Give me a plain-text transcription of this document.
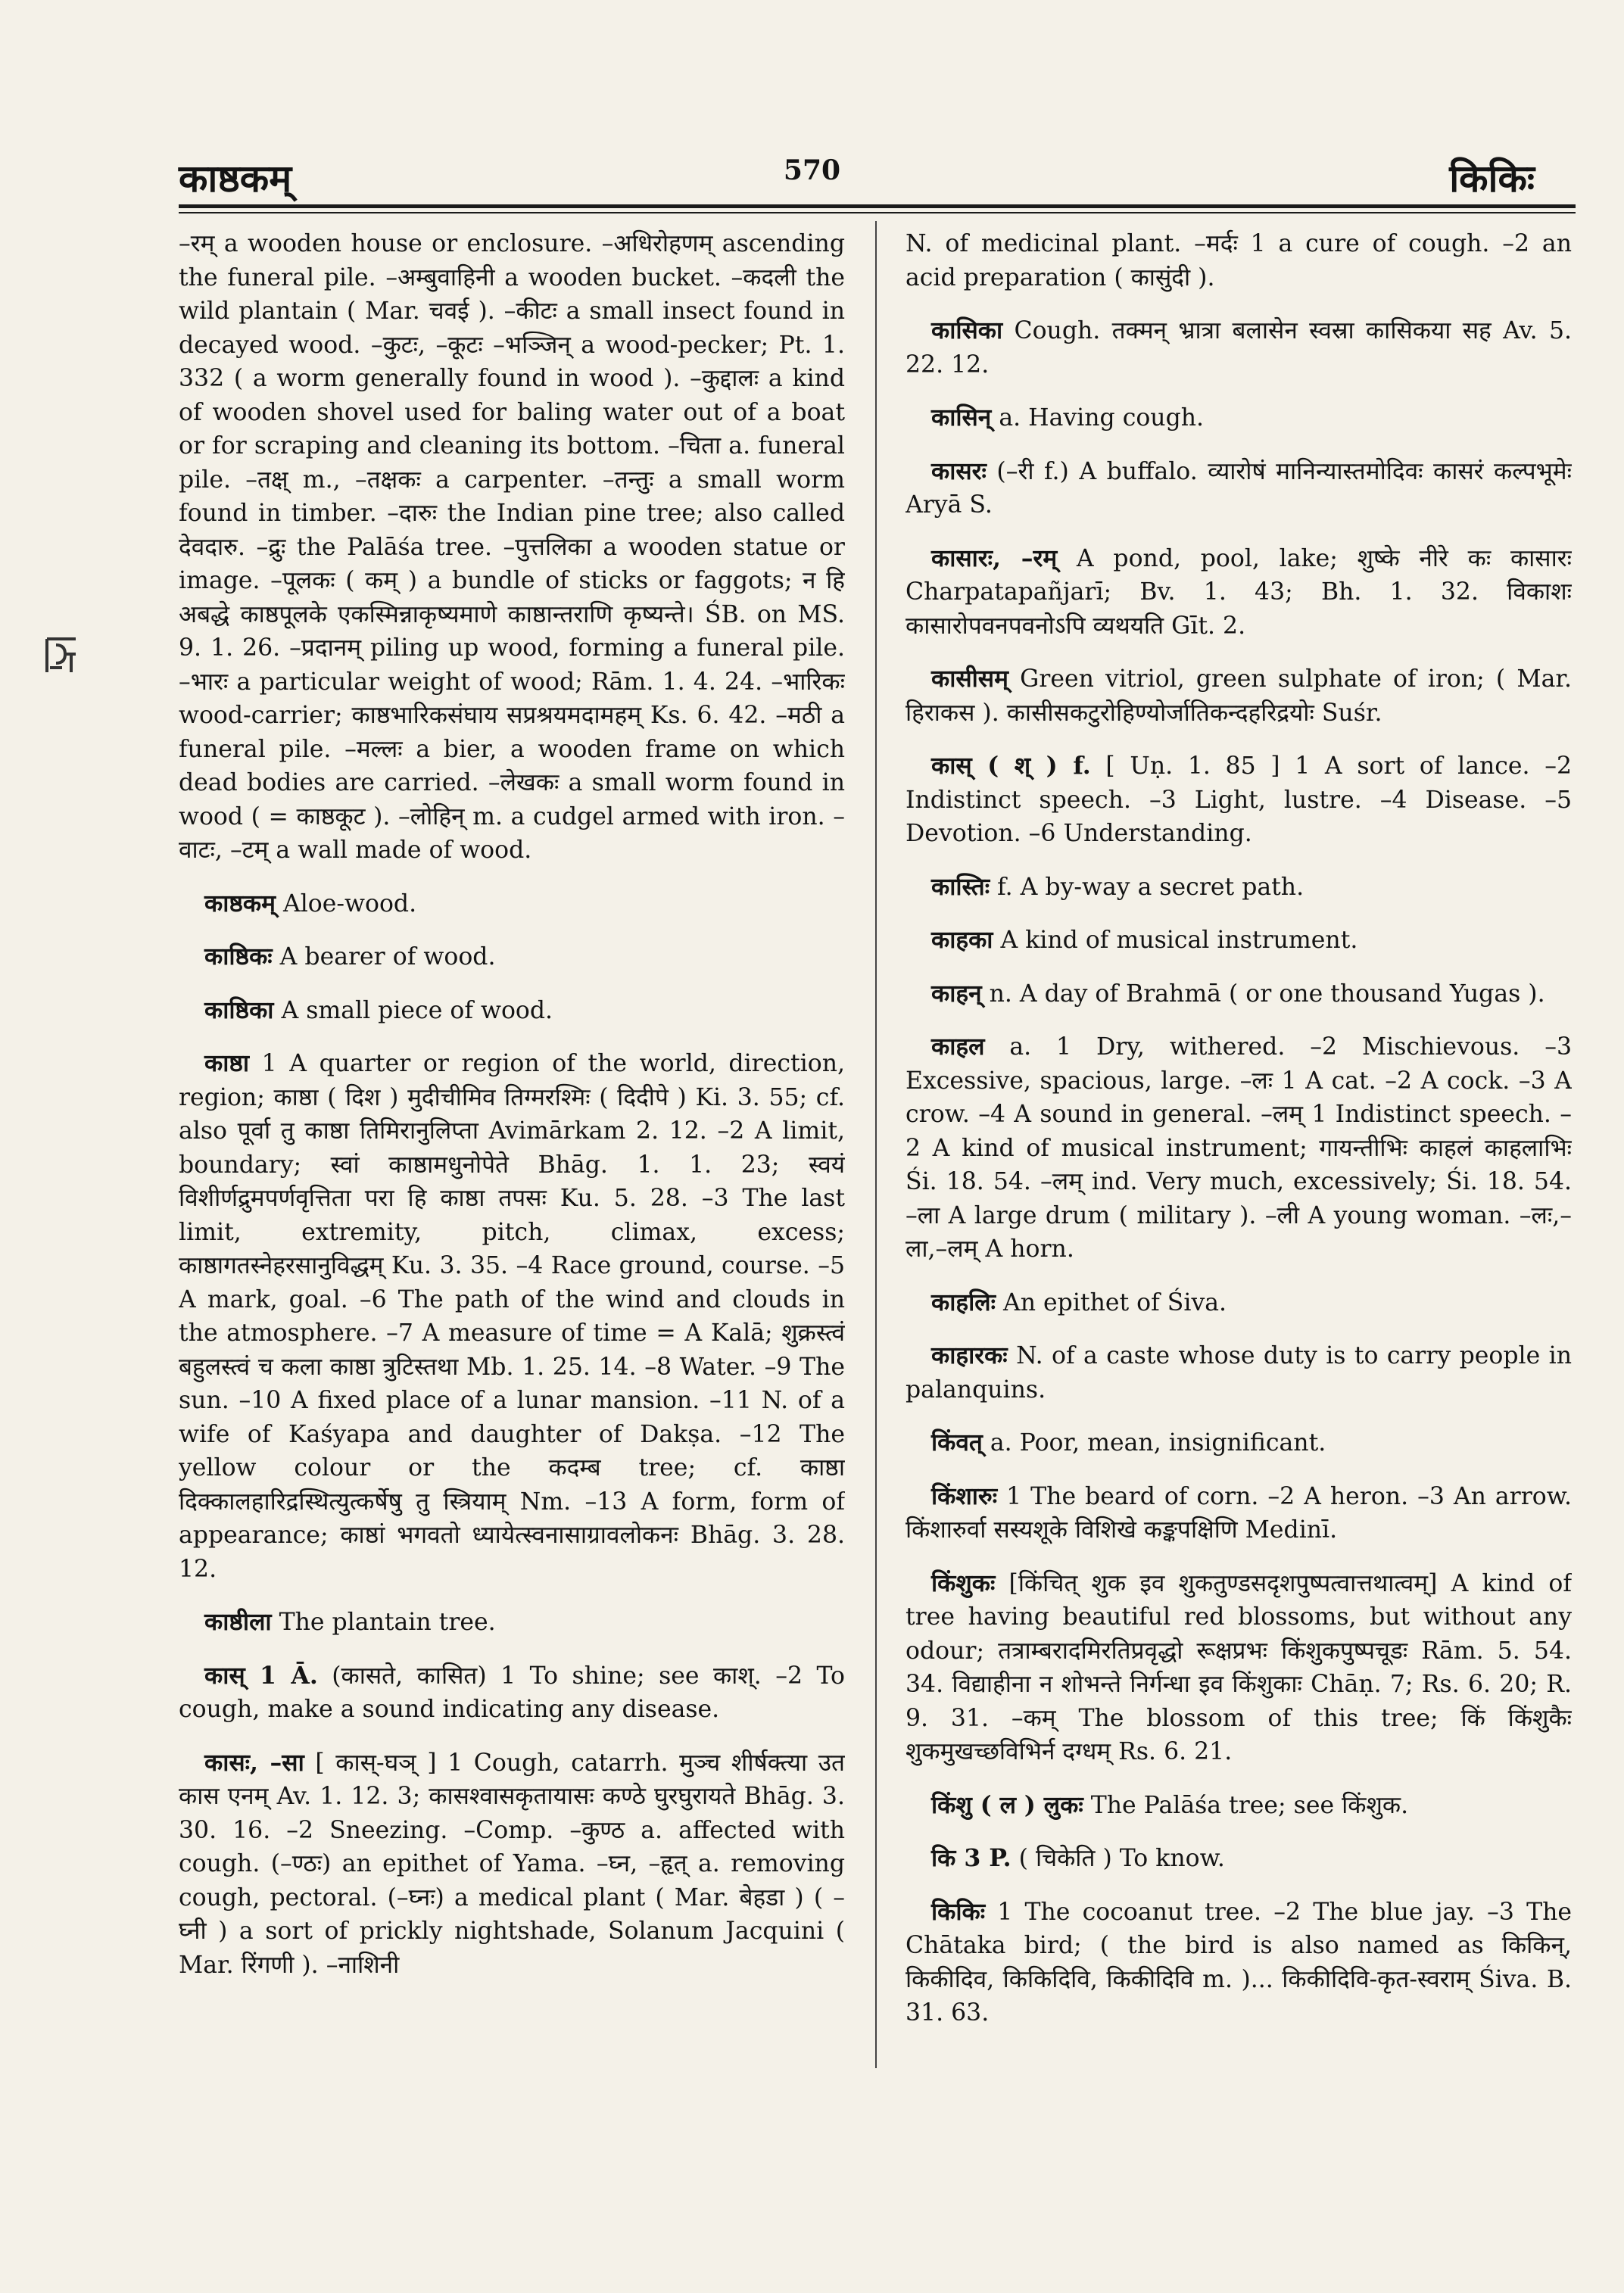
काष्ठकम्	570	किकिः

–रम् a wooden house or enclosure. –अधिरोहणम् ascending the funeral pile. –अम्बुवाहिनी a wooden bucket. –कदली the wild plantain ( Mar. चवई ). –कीटः a small insect found in decayed wood. –कुटः, –कूटः –भञ्जिन् a wood-pecker; Pt. 1. 332 ( a worm generally found in wood ). –कुद्दालः a kind of wooden shovel used for baling water out of a boat or for scraping and cleaning its bottom. –चिता a. funeral pile. –तक्ष् m., –तक्षकः a carpenter. –तन्तुः a small worm found in timber. –दारुः the Indian pine tree; also called देवदारु. –द्रुः the Palāśa tree. –पुत्तलिका a wooden statue or image. –पूलकः ( कम् ) a bundle of sticks or faggots; न हि अबद्धे काष्ठपूलके एकस्मिन्नाकृष्यमाणे काष्ठान्तराणि कृष्यन्ते। ŚB. on MS. 9. 1. 26. –प्रदानम् piling up wood, forming a funeral pile. –भारः a particular weight of wood; Rām. 1. 4. 24. –भारिकः wood-carrier; काष्ठभारिकसंघाय सप्रश्रयमदामहम् Ks. 6. 42. –मठी a funeral pile. –मल्लः a bier, a wooden frame on which dead bodies are carried. –लेखकः a small worm found in wood ( = काष्ठकूट ). –लोहिन् m. a cudgel armed with iron. –वाटः, –टम् a wall made of wood.

काष्ठकम् Aloe-wood.

काष्ठिकः A bearer of wood.

काष्ठिका A small piece of wood.

काष्ठा 1 A quarter or region of the world, direction, region; काष्ठा ( दिश ) मुदीचीमिव तिग्मरश्मिः ( दिदीपे ) Ki. 3. 55; cf. also पूर्वा तु काष्ठा तिमिरानुलिप्ता Avimārkam 2. 12. –2 A limit, boundary; स्वां काष्ठामधुनोपेते Bhāg. 1. 1. 23; स्वयं विशीर्णद्रुमपर्णवृत्तिता परा हि काष्ठा तपसः Ku. 5. 28. –3 The last limit, extremity, pitch, climax, excess; काष्ठागतस्नेहरसानुविद्धम् Ku. 3. 35. –4 Race ground, course. –5 A mark, goal. –6 The path of the wind and clouds in the atmosphere. –7 A measure of time = A Kalā; शुक्रस्त्वं बहुलस्त्वं च कला काष्ठा त्रुटिस्तथा Mb. 1. 25. 14. –8 Water. –9 The sun. –10 A fixed place of a lunar mansion. –11 N. of a wife of Kaśyapa and daughter of Dakṣa. –12 The yellow colour or the कदम्ब tree; cf. काष्ठा दिक्कालहारिद्रस्थित्युत्कर्षेषु तु स्त्रियाम् Nm. –13 A form, form of appearance; काष्ठां भगवतो ध्यायेत्स्वनासाग्रावलोकनः Bhāg. 3. 28. 12.

काष्ठीला The plantain tree.

कास् 1 Ā. (कासते, कासित) 1 To shine; see काश्. –2 To cough, make a sound indicating any disease.

कासः, –सा [ कास्-घञ् ] 1 Cough, catarrh. मुञ्च शीर्षक्त्या उत कास एनम् Av. 1. 12. 3; कासश्वासकृतायासः कण्ठे घुरघुरायते Bhāg. 3. 30. 16. –2 Sneezing. –Comp. –कुण्ठ a. affected with cough. (–ण्ठः) an epithet of Yama. –घ्न, –हृत् a. removing cough, pectoral. (–घ्नः) a medical plant ( Mar. बेहडा ) ( –घ्नी ) a sort of prickly nightshade, Solanum Jacquini ( Mar. रिंगणी ). –नाशिनी

N. of medicinal plant. –मर्दः 1 a cure of cough. –2 an acid preparation ( कासुंदी ).

कासिका Cough. तक्मन् भ्रात्रा बलासेन स्वस्रा कासिकया सह Av. 5. 22. 12.

कासिन् a. Having cough.

कासरः (–री f.) A buffalo. व्यारोषं मानिन्यास्तमोदिवः कासरं कल्पभूमेः Aryā S.

कासारः, –रम् A pond, pool, lake; शुष्के नीरे कः कासारः Charpatapañjarī; Bv. 1. 43; Bh. 1. 32. विकाशः कासारोपवनपवनोऽपि व्यथयति Gīt. 2.

कासीसम् Green vitriol, green sulphate of iron; ( Mar. हिराकस ). कासीसकटुरोहिण्योर्जातिकन्दहरिद्रयोः Suśr.

कास् ( श् ) f. [ Uṇ. 1. 85 ] 1 A sort of lance. –2 Indistinct speech. –3 Light, lustre. –4 Disease. –5 Devotion. –6 Understanding.

कास्तिः f. A by-way a secret path.

काहका A kind of musical instrument.

काहन् n. A day of Brahmā ( or one thousand Yugas ).

काहल a. 1 Dry, withered. –2 Mischievous. –3 Excessive, spacious, large. –लः 1 A cat. –2 A cock. –3 A crow. –4 A sound in general. –लम् 1 Indistinct speech. –2 A kind of musical instrument; गायन्तीभिः काहलं काहलाभिः Śi. 18. 54. –लम् ind. Very much, excessively; Śi. 18. 54. –ला A large drum ( military ). –ली A young woman. –लः,–ला,–लम् A horn.

काहलिः An epithet of Śiva.

काहारकः N. of a caste whose duty is to carry people in palanquins.

किंवत् a. Poor, mean, insignificant.

किंशारुः 1 The beard of corn. –2 A heron. –3 An arrow. किंशारुर्वा सस्यशूके विशिखे कङ्कपक्षिणि Medinī.

किंशुकः [किंचित् शुक इव शुकतुण्डसदृशपुष्पत्वात्तथात्वम्] A kind of tree having beautiful red blossoms, but without any odour; तत्राम्बरादमिरतिप्रवृद्धो रूक्षप्रभः किंशुकपुष्पचूडः Rām. 5. 54. 34. विद्याहीना न शोभन्ते निर्गन्धा इव किंशुकाः Chāṇ. 7; Rs. 6. 20; R. 9. 31. –कम् The blossom of this tree; किं किंशुकैः शुकमुखच्छविभिर्न दग्धम् Rs. 6. 21.

किंशु ( ल ) लुकः The Palāśa tree; see किंशुक.

कि 3 P. ( चिकेति ) To know.

किकिः 1 The cocoanut tree. –2 The blue jay. –3 The Chātaka bird; ( the bird is also named as किकिन्, किकीदिव, किकिदिवि, किकीदिवि m. )... किकीदिवि-कृत-स्वराम् Śiva. B. 31. 63.
